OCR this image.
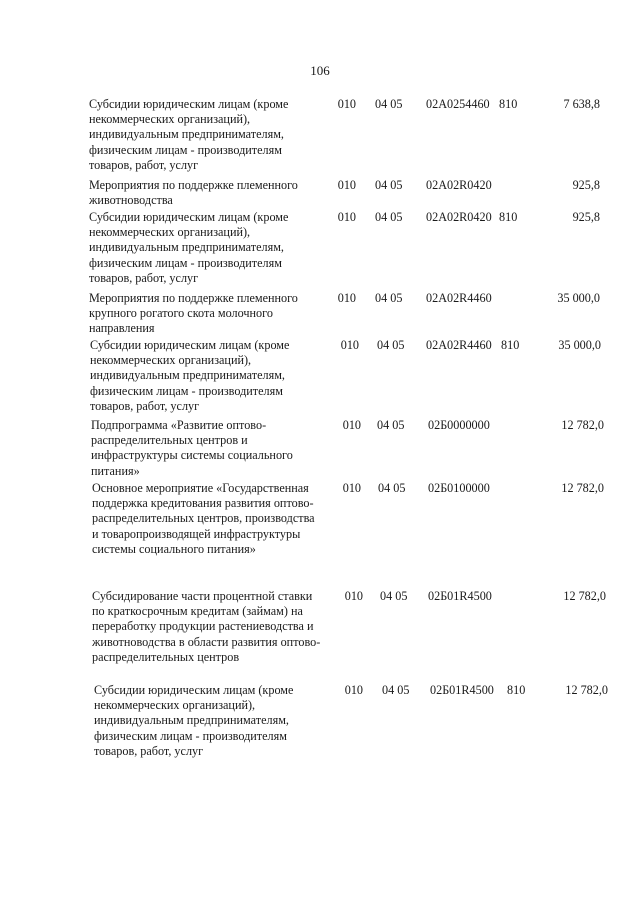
106
Субсидии юридическим лицам (кроме некоммерческих организаций), индивидуальным предпринимателям, физическим лицам - производителям товаров, работ, услуг
010 04 05	02А0254460 810	7 638,8
Мероприятия по поддержке племенного животноводства
010 04 05	02А02R0420	925,8
Субсидии юридическим лицам (кроме некоммерческих организаций), индивидуальным предпринимателям, физическим лицам - производителям товаров, работ, услуг
010 04 05	02А02R0420 810	925,8
Мероприятия по поддержке племенного крупного рогатого скота молочного направления
010 04 05	02А02R4460	35 000,0
Субсидии юридическим лицам (кроме некоммерческих организаций), индивидуальным предпринимателям, физическим лицам - производителям товаров, работ, услуг
010 04 05	02А02R4460 810	35 000,0
Подпрограмма «Развитие оптово-распределительных центров и инфраструктуры системы социального питания»
010 04 05	02Б0000000	12 782,0
Основное мероприятие «Государственная поддержка кредитования развития оптово-распределительных центров, производства и товаропроизводящей инфраструктуры системы социального питания»
010 04 05	02Б0100000	12 782,0
Субсидирование части процентной ставки по краткосрочным кредитам (займам) на переработку продукции растениеводства и животноводства в области развития оптово-распределительных центров
010 04 05	02Б01R4500	12 782,0
Субсидии юридическим лицам (кроме некоммерческих организаций), индивидуальным предпринимателям, физическим лицам - производителям товаров, работ, услуг
010 04 05	02Б01R4500 810	12 782,0
